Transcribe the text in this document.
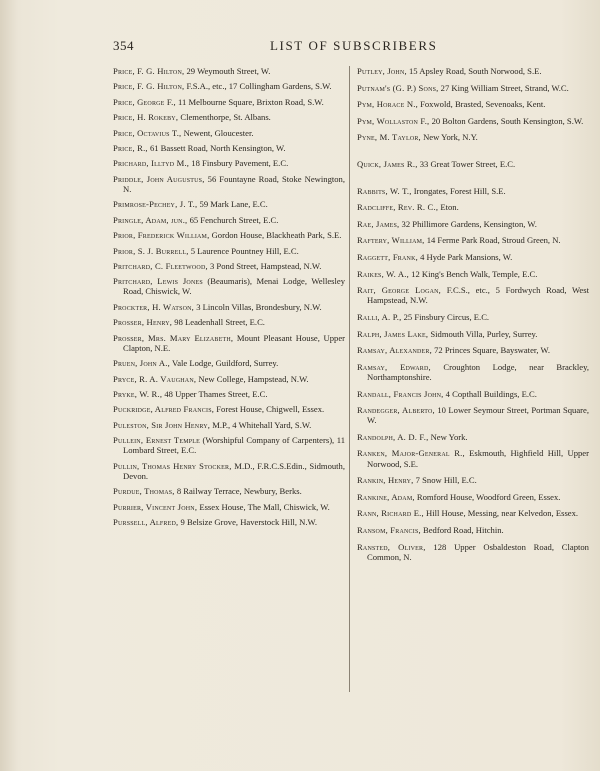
354	LIST OF SUBSCRIBERS
Price, F. G. Hilton, 29 Weymouth Street, W.
Price, F. G. Hilton, F.S.A., etc., 17 Collingham Gardens, S.W.
Price, George F., 11 Melbourne Square, Brixton Road, S.W.
Price, H. Rokeby, Clementhorpe, St. Albans.
Price, Octavius T., Newent, Gloucester.
Price, R., 61 Bassett Road, North Kensington, W.
Prichard, Illtyd M., 18 Finsbury Pavement, E.C.
Priddle, John Augustus, 56 Fountayne Road, Stoke Newington, N.
Primrose-Pechey, J. T., 59 Mark Lane, E.C.
Pringle, Adam, jun., 65 Fenchurch Street, E.C.
Prior, Frederick William, Gordon House, Blackheath Park, S.E.
Prior, S. J. Burrell, 5 Laurence Pountney Hill, E.C.
Pritchard, C. Fleetwood, 3 Pond Street, Hampstead, N.W.
Pritchard, Lewis Jones (Beaumaris), Menai Lodge, Wellesley Road, Chiswick, W.
Prockter, H. Watson, 3 Lincoln Villas, Brondesbury, N.W.
Prosser, Henry, 98 Leadenhall Street, E.C.
Prosser, Mrs. Mary Elizabeth, Mount Pleasant House, Upper Clapton, N.E.
Pruen, John A., Vale Lodge, Guildford, Surrey.
Pryce, R. A. Vaughan, New College, Hampstead, N.W.
Pryke, W. R., 48 Upper Thames Street, E.C.
Puckridge, Alfred Francis, Forest House, Chigwell, Essex.
Puleston, Sir John Henry, M.P., 4 Whitehall Yard, S.W.
Pullein, Ernest Temple (Worshipful Company of Carpenters), 11 Lombard Street, E.C.
Pullin, Thomas Henry Stocker, M.D., F.R.C.S.Edin., Sidmouth, Devon.
Purdue, Thomas, 8 Railway Terrace, Newbury, Berks.
Purrier, Vincent John, Essex House, The Mall, Chiswick, W.
Purssell, Alfred, 9 Belsize Grove, Haverstock Hill, N.W.
Putley, John, 15 Apsley Road, South Norwood, S.E.
Putnam's (G. P.) Sons, 27 King William Street, Strand, W.C.
Pym, Horace N., Foxwold, Brasted, Sevenoaks, Kent.
Pym, Wollaston F., 20 Bolton Gardens, South Kensington, S.W.
Pyne, M. Taylor, New York, N.Y.
Quick, James R., 33 Great Tower Street, E.C.
Rabbits, W. T., Irongates, Forest Hill, S.E.
Radcliffe, Rev. R. C., Eton.
Rae, James, 32 Phillimore Gardens, Kensington, W.
Raftery, William, 14 Ferme Park Road, Stroud Green, N.
Raggett, Frank, 4 Hyde Park Mansions, W.
Raikes, W. A., 12 King's Bench Walk, Temple, E.C.
Rait, George Logan, F.C.S., etc., 5 Fordwych Road, West Hampstead, N.W.
Ralli, A. P., 25 Finsbury Circus, E.C.
Ralph, James Lake, Sidmouth Villa, Purley, Surrey.
Ramsay, Alexander, 72 Princes Square, Bayswater, W.
Ramsay, Edward, Croughton Lodge, near Brackley, Northamptonshire.
Randall, Francis John, 4 Copthall Buildings, E.C.
Randegger, Alberto, 10 Lower Seymour Street, Portman Square, W.
Randolph, A. D. F., New York.
Ranken, Major-General R., Eskmouth, Highfield Hill, Upper Norwood, S.E.
Rankin, Henry, 7 Snow Hill, E.C.
Rankine, Adam, Romford House, Woodford Green, Essex.
Rann, Richard E., Hill House, Messing, near Kelvedon, Essex.
Ransom, Francis, Bedford Road, Hitchin.
Ransted, Oliver, 128 Upper Osbaldeston Road, Clapton Common, N.
